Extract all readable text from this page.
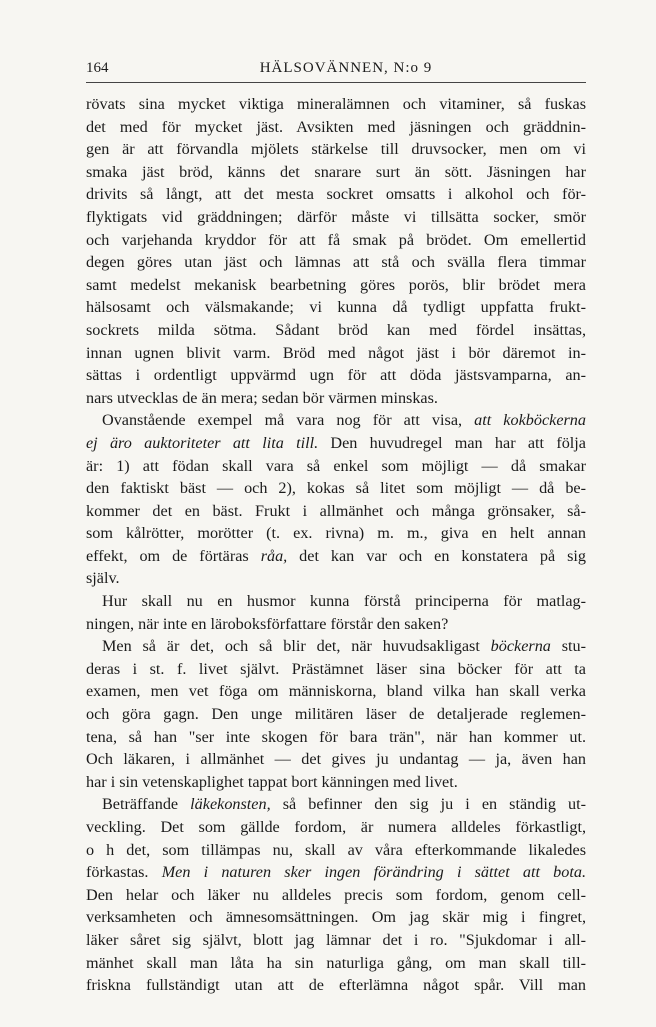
164	HÄLSOVÄNNEN, N:o 9
rövats sina mycket viktiga mineralämnen och vitaminer, så fuskas
det med för mycket jäst. Avsikten med jäsningen och gräddnin-
gen är att förvandla mjölets stärkelse till druvsocker, men om vi
smaka jäst bröd, känns det snarare surt än sött. Jäsningen har
drivits så långt, att det mesta sockret omsatts i alkohol och för-
flyktigats vid gräddningen; därför måste vi tillsätta socker, smör
och varjehanda kryddor för att få smak på brödet. Om emellertid
degen göres utan jäst och lämnas att stå och svälla flera timmar
samt medelst mekanisk bearbetning göres porös, blir brödet mera
hälsosamt och välsmakande; vi kunna då tydligt uppfatta frukt-
sockrets milda sötma. Sådant bröd kan med fördel insättas,
innan ugnen blivit varm. Bröd med något jäst i bör däremot in-
sättas i ordentligt uppvärmd ugn för att döda jästsvamparna, an-
nars utvecklas de än mera; sedan bör värmen minskas.
Ovanstående exempel må vara nog för att visa, att kokböckerna
ej äro auktoriteter att lita till. Den huvudregel man har att följa
är: 1) att födan skall vara så enkel som möjligt — då smakar
den faktiskt bäst — och 2), kokas så litet som möjligt — då be-
kommer det en bäst. Frukt i allmänhet och många grönsaker, så-
som kålrötter, morötter (t. ex. rivna) m. m., giva en helt annan
effekt, om de förtäras råa, det kan var och en konstatera på sig
själv.
Hur skall nu en husmor kunna förstå principerna för matlag-
ningen, när inte en läroboksförfattare förstår den saken?
Men så är det, och så blir det, när huvudsakligast böckerna stu-
deras i st. f. livet självt. Prästämnet läser sina böcker för att ta
examen, men vet föga om människorna, bland vilka han skall verka
och göra gagn. Den unge militären läser de detaljerade reglemen-
tena, så han "ser inte skogen för bara trän", när han kommer ut.
Och läkaren, i allmänhet — det gives ju undantag — ja, även han
har i sin vetenskaplighet tappat bort känningen med livet.
Beträffande läkekonsten, så befinner den sig ju i en ständig ut-
veckling. Det som gällde fordom, är numera alldeles förkastligt,
o h det, som tillämpas nu, skall av våra efterkommande likaledes
förkastas. Men i naturen sker ingen förändring i sättet att bota.
Den helar och läker nu alldeles precis som fordom, genom cell-
verksamheten och ämnesomsättningen. Om jag skär mig i fingret,
läker såret sig självt, blott jag lämnar det i ro. "Sjukdomar i all-
mänhet skall man låta ha sin naturliga gång, om man skall till-
friskna fullständigt utan att de efterlämna något spår. Vill man
